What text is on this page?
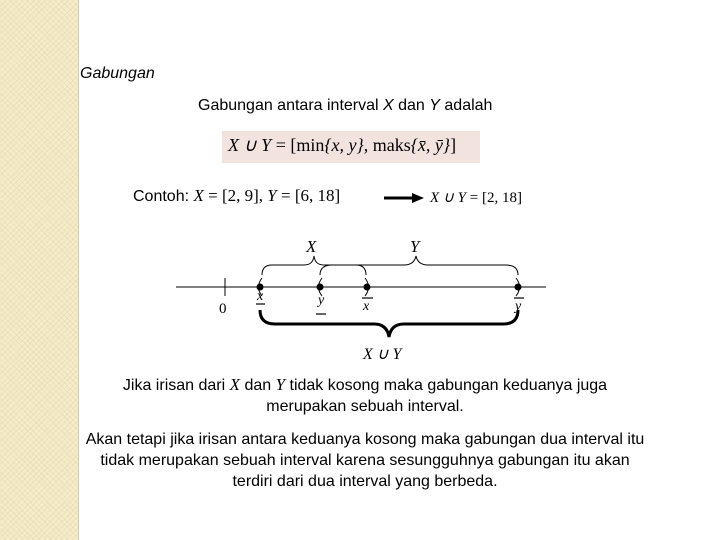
Gabungan
Gabungan antara interval X dan Y adalah
X ∪ Y = [min{x, y}, maks{x̄, ȳ}]
Contoh: X = [2, 9], Y = [6, 18]	X ∪ Y = [2, 18]
X	Y
0
x	y	x	y
X ∪ Y
Jika irisan dari X dan Y tidak kosong maka gabungan keduanya juga merupakan sebuah interval.
Akan tetapi jika irisan antara keduanya kosong maka gabungan dua interval itu tidak merupakan sebuah interval karena sesungguhnya gabungan itu akan terdiri dari dua interval yang berbeda.
